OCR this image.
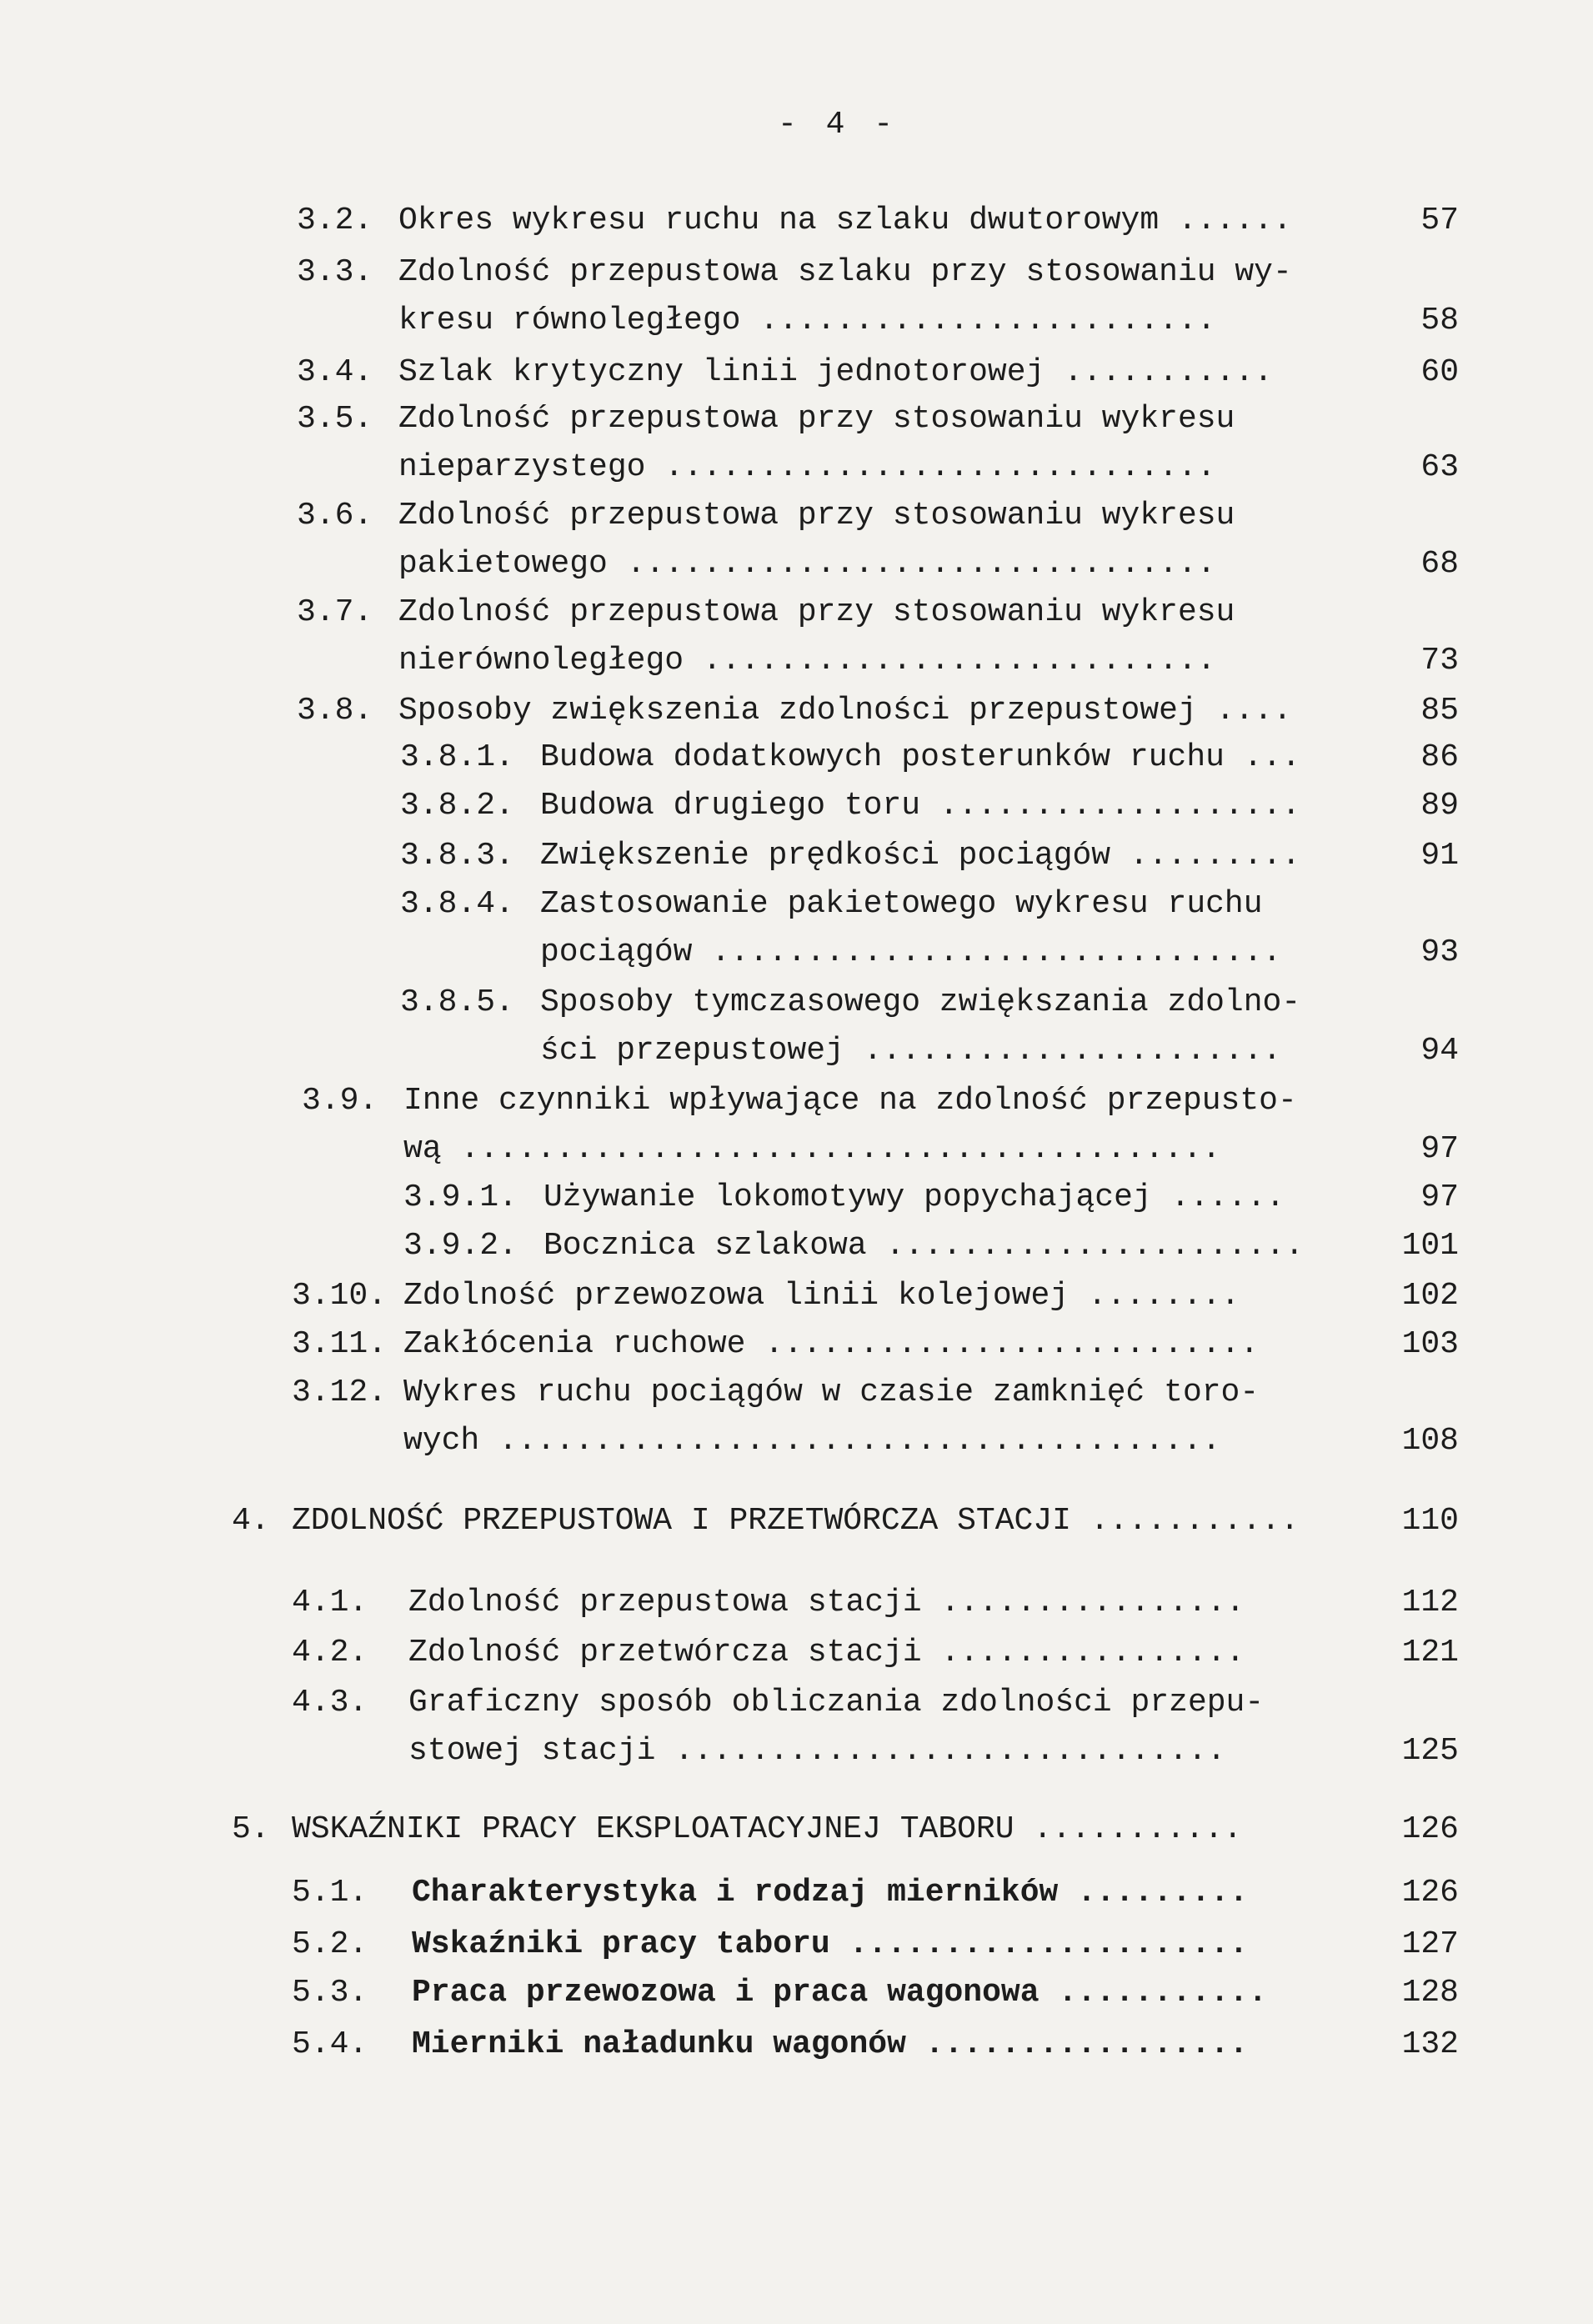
- 4 -
3.2. Okres wykresu ruchu na szlaku dwutorowym ......	57
3.3. Zdolność przepustowa szlaku przy stosowaniu wy-
kresu równoległego ........................	58
3.4. Szlak krytyczny linii jednotorowej ...........	60
3.5. Zdolność przepustowa przy stosowaniu wykresu
nieparzystego .............................	63
3.6. Zdolność przepustowa przy stosowaniu wykresu
pakietowego ...............................	68
3.7. Zdolność przepustowa przy stosowaniu wykresu
nierównoległego ...........................	73
3.8. Sposoby zwiększenia zdolności przepustowej ....	85
3.8.1. Budowa dodatkowych posterunków ruchu ...	86
3.8.2. Budowa drugiego toru ...................	89
3.8.3. Zwiększenie prędkości pociągów .........	91
3.8.4. Zastosowanie pakietowego wykresu ruchu
pociągów ..............................	93
3.8.5. Sposoby tymczasowego zwiększania zdolno-
ści przepustowej ......................	94
3.9. Inne czynniki wpływające na zdolność przepusto-
wą ........................................	97
3.9.1. Używanie lokomotywy popychającej ......	97
3.9.2. Bocznica szlakowa ......................	101
3.10. Zdolność przewozowa linii kolejowej ........	102
3.11. Zakłócenia ruchowe ..........................	103
3.12. Wykres ruchu pociągów w czasie zamknięć toro-
wych ......................................	108
4. ZDOLNOŚĆ PRZEPUSTOWA I PRZETWÓRCZA STACJI ...........	110
4.1. Zdolność przepustowa stacji ................	112
4.2. Zdolność przetwórcza stacji ................	121
4.3. Graficzny sposób obliczania zdolności przepu-
stowej stacji .............................	125
5. WSKAŹNIKI PRACY EKSPLOATACYJNEJ TABORU ...........	126
5.1. Charakterystyka i rodzaj mierników .........	126
5.2. Wskaźniki pracy taboru .....................	127
5.3. Praca przewozowa i praca wagonowa ...........	128
5.4. Mierniki naładunku wagonów .................	132
